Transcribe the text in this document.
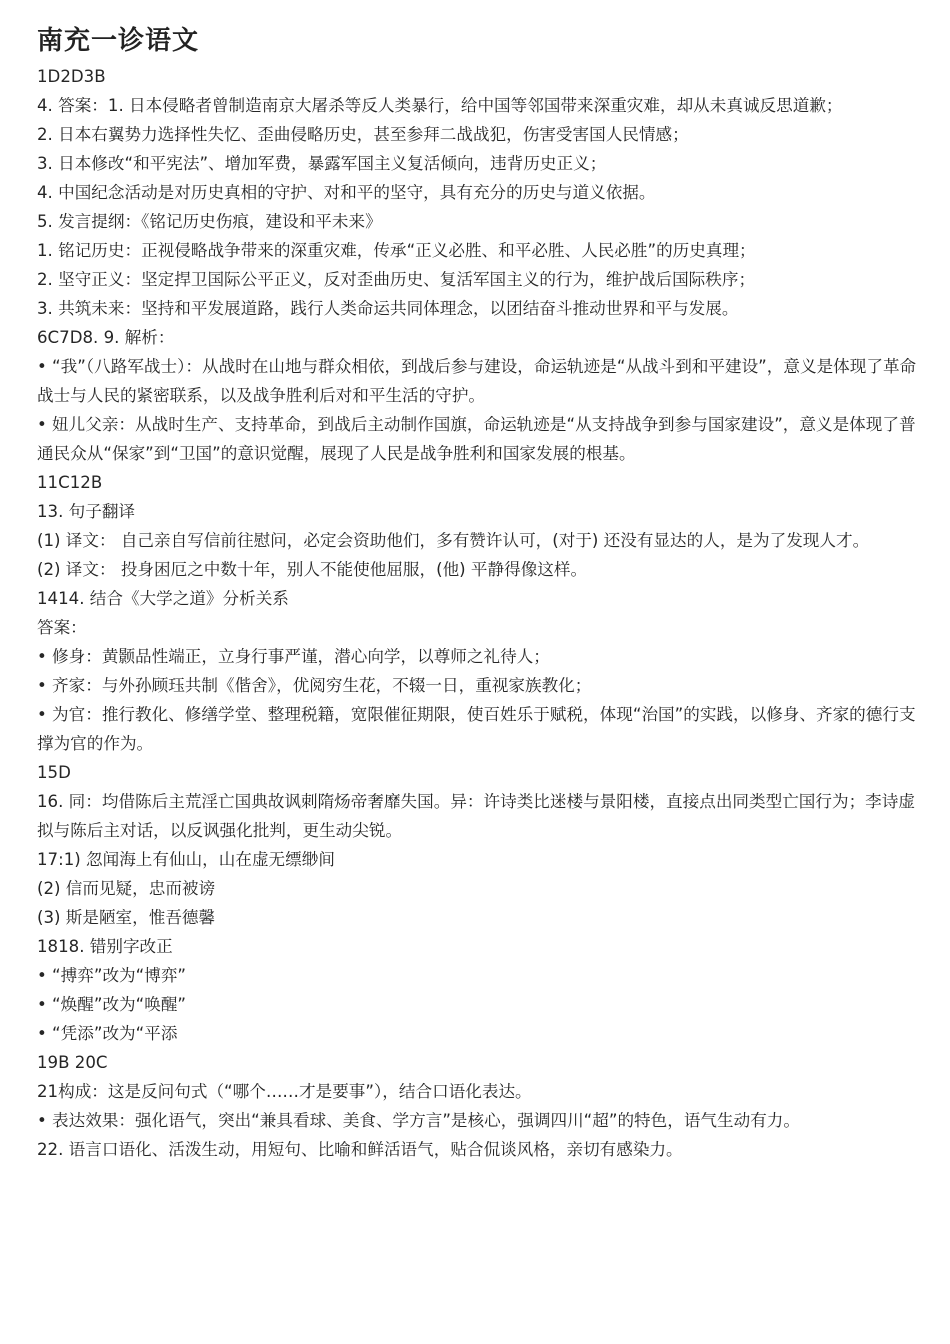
南充一诊语文
1D2D3B
4. 答案：1. 日本侵略者曾制造南京大屠杀等反人类暴行，给中国等邻国带来深重灾难，却从未真诚反思道歉；
2. 日本右翼势力选择性失忆、歪曲侵略历史，甚至参拜二战战犯，伤害受害国人民情感；
3. 日本修改“和平宪法”、增加军费，暴露军国主义复活倾向，违背历史正义；
4. 中国纪念活动是对历史真相的守护、对和平的坚守，具有充分的历史与道义依据。
5. 发言提纲：《铭记历史伤痕，建设和平未来》
1. 铭记历史：正视侵略战争带来的深重灾难，传承“正义必胜、和平必胜、人民必胜”的历史真理；
2. 坚守正义：坚定捍卫国际公平正义，反对歪曲历史、复活军国主义的行为，维护战后国际秩序；
3. 共筑未来：坚持和平发展道路，践行人类命运共同体理念，以团结奋斗推动世界和平与发展。
6C7D8. 9. 解析：
• “我”（八路军战士）：从战时在山地与群众相依，到战后参与建设，命运轨迹是“从战斗到和平建设”，意义是体现了革命战士与人民的紧密联系，以及战争胜利后对和平生活的守护。
• 妞儿父亲：从战时生产、支持革命，到战后主动制作国旗，命运轨迹是“从支持战争到参与国家建设”，意义是体现了普通民众从“保家”到“卫国”的意识觉醒，展现了人民是战争胜利和国家发展的根基。
11C12B
13. 句子翻译
(1) 译文： 自己亲自写信前往慰问，必定会资助他们，多有赞许认可，(对于) 还没有显达的人，是为了发现人才。
(2) 译文： 投身困厄之中数十年，别人不能使他屈服，(他) 平静得像这样。
1414. 结合《大学之道》分析关系
答案：
• 修身：黄颢品性端正，立身行事严谨，潜心向学，以尊师之礼待人；
• 齐家：与外孙顾珏共制《偕舍》，优阅穷生花，不辍一日，重视家族教化；
• 为官：推行教化、修缮学堂、整理税籍，宽限催征期限，使百姓乐于赋税，体现“治国”的实践，以修身、齐家的德行支撑为官的作为。
15D
16. 同：均借陈后主荒淫亡国典故讽刺隋炀帝奢靡失国。异：许诗类比迷楼与景阳楼，直接点出同类型亡国行为；李诗虚拟与陈后主对话，以反讽强化批判，更生动尖锐。
17:1) 忽闻海上有仙山，山在虚无缥缈间
(2) 信而见疑，忠而被谤
(3) 斯是陋室，惟吾德馨
1818. 错别字改正
• “搏弈”改为“博弈”
• “焕醒”改为“唤醒”
• “凭添”改为“平添
19B 20C
21构成：这是反问句式（“哪个……才是要事”），结合口语化表达。
• 表达效果：强化语气，突出“兼具看球、美食、学方言”是核心，强调四川“超”的特色，语气生动有力。
22. 语言口语化、活泼生动，用短句、比喻和鲜活语气，贴合侃谈风格，亲切有感染力。
